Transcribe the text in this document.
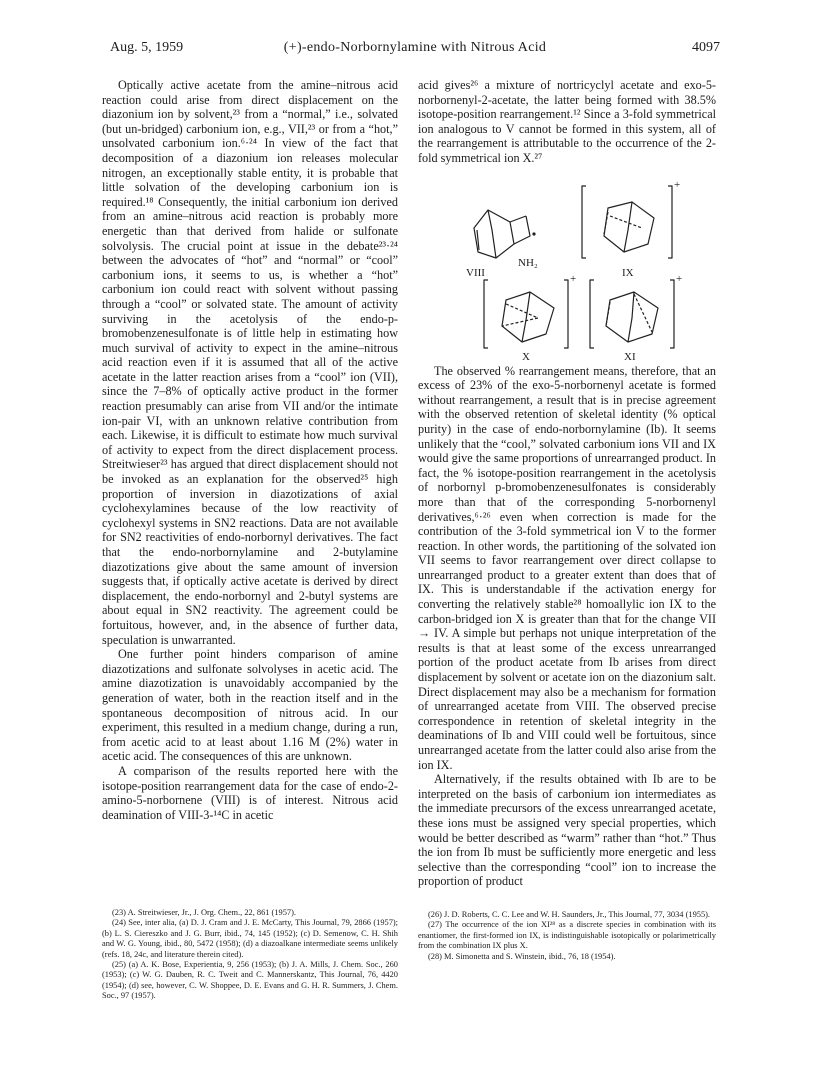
Aug. 5, 1959	(+)-endo-Norbornylamine with Nitrous Acid	4097

Optically active acetate from the amine–nitrous acid reaction could arise from direct displacement on the diazonium ion by solvent,²³ from a “normal,” i.e., solvated (but un-bridged) carbonium ion, e.g., VII,²³ or from a “hot,” unsolvated carbonium ion.⁶·²⁴ In view of the fact that decomposition of a diazonium ion releases molecular nitrogen, an exceptionally stable entity, it is probable that little solvation of the developing carbonium ion is required.¹⁸ Consequently, the initial carbonium ion derived from an amine–nitrous acid reaction is probably more energetic than that derived from halide or sulfonate solvolysis. The crucial point at issue in the debate²³·²⁴ between the advocates of “hot” and “normal” or “cool” carbonium ions, it seems to us, is whether a “hot” carbonium ion could react with solvent without passing through a “cool” or solvated state. The amount of activity surviving in the acetolysis of the endo-p-bromobenzenesulfonate is of little help in estimating how much survival of activity to expect in the amine–nitrous acid reaction even if it is assumed that all of the active acetate in the latter reaction arises from a “cool” ion (VII), since the 7–8% of optically active product in the former reaction presumably can arise from VII and/or the intimate ion-pair VI, with an unknown relative contribution from each. Likewise, it is difficult to estimate how much survival of activity to expect from the direct displacement process. Streitwieser²³ has argued that direct displacement should not be invoked as an explanation for the observed²⁵ high proportion of inversion in diazotizations of axial cyclohexylamines because of the low reactivity of cyclohexyl systems in SN2 reactions. Data are not available for SN2 reactivities of endo-norbornyl derivatives. The fact that the endo-norbornylamine and 2-butylamine diazotizations give about the same amount of inversion suggests that, if optically active acetate is derived by direct displacement, the endo-norbornyl and 2-butyl systems are about equal in SN2 reactivity. The agreement could be fortuitous, however, and, in the absence of further data, speculation is unwarranted.

One further point hinders comparison of amine diazotizations and sulfonate solvolyses in acetic acid. The amine diazotization is unavoidably accompanied by the generation of water, both in the reaction itself and in the spontaneous decomposition of nitrous acid. In our experiment, this resulted in a medium change, during a run, from acetic acid to at least about 1.16 M (2%) water in acetic acid. The consequences of this are unknown.

A comparison of the results reported here with the isotope-position rearrangement data for the case of endo-2-amino-5-norbornene (VIII) is of interest. Nitrous acid deamination of VIII-3-¹⁴C in acetic

acid gives²⁶ a mixture of nortricyclyl acetate and exo-5-norbornenyl-2-acetate, the latter being formed with 38.5% isotope-position rearrangement.¹² Since a 3-fold symmetrical ion analogous to V cannot be formed in this system, all of the rearrangement is attributable to the occurrence of the 2-fold symmetrical ion X.²⁷

VIII
NH₂
IX
+
X
+
XI
+

The observed % rearrangement means, therefore, that an excess of 23% of the exo-5-norbornenyl acetate is formed without rearrangement, a result that is in precise agreement with the observed retention of skeletal identity (% optical purity) in the case of endo-norbornylamine (Ib). It seems unlikely that the “cool,” solvated carbonium ions VII and IX would give the same proportions of unrearranged product. In fact, the % isotope-position rearrangement in the acetolysis of norbornyl p-bromobenzenesulfonates is considerably more than that of the corresponding 5-norbornenyl derivatives,⁶·²⁶ even when correction is made for the contribution of the 3-fold symmetrical ion V to the former reaction. In other words, the partitioning of the solvated ion VII seems to favor rearrangement over direct collapse to unrearranged product to a greater extent than does that of IX. This is understandable if the activation energy for converting the relatively stable²⁸ homoallylic ion IX to the carbon-bridged ion X is greater than that for the change VII → IV. A simple but perhaps not unique interpretation of the results is that at least some of the excess unrearranged portion of the product acetate from Ib arises from direct displacement by solvent or acetate ion on the diazonium salt. Direct displacement may also be a mechanism for formation of unrearranged acetate from VIII. The observed precise correspondence in retention of skeletal integrity in the deaminations of Ib and VIII could well be fortuitous, since unrearranged acetate from the latter could also arise from the ion IX.

Alternatively, if the results obtained with Ib are to be interpreted on the basis of carbonium ion intermediates as the immediate precursors of the excess unrearranged acetate, these ions must be assigned very special properties, which would be better described as “warm” rather than “hot.” Thus the ion from Ib must be sufficiently more energetic and less selective than the corresponding “cool” ion to increase the proportion of product

(23) A. Streitwieser, Jr., J. Org. Chem., 22, 861 (1957).

(24) See, inter alia, (a) D. J. Cram and J. E. McCarty, This Journal, 79, 2866 (1957); (b) L. S. Ciereszko and J. G. Burr, ibid., 74, 145 (1952); (c) D. Semenow, C. H. Shih and W. G. Young, ibid., 80, 5472 (1958); (d) a diazoalkane intermediate seems unlikely (refs. 18, 24c, and literature therein cited).

(25) (a) A. K. Bose, Experientia, 9, 256 (1953); (b) J. A. Mills, J. Chem. Soc., 260 (1953); (c) W. G. Dauben, R. C. Tweit and C. Mannerskantz, This Journal, 76, 4420 (1954); (d) see, however, C. W. Shoppee, D. E. Evans and G. H. R. Summers, J. Chem. Soc., 97 (1957).

(26) J. D. Roberts, C. C. Lee and W. H. Saunders, Jr., This Journal, 77, 3034 (1955).

(27) The occurrence of the ion XI²⁸ as a discrete species in combination with its enantiomer, the first-formed ion IX, is indistinguishable isotopically or polarimetrically from the combination IX plus X.

(28) M. Simonetta and S. Winstein, ibid., 76, 18 (1954).
